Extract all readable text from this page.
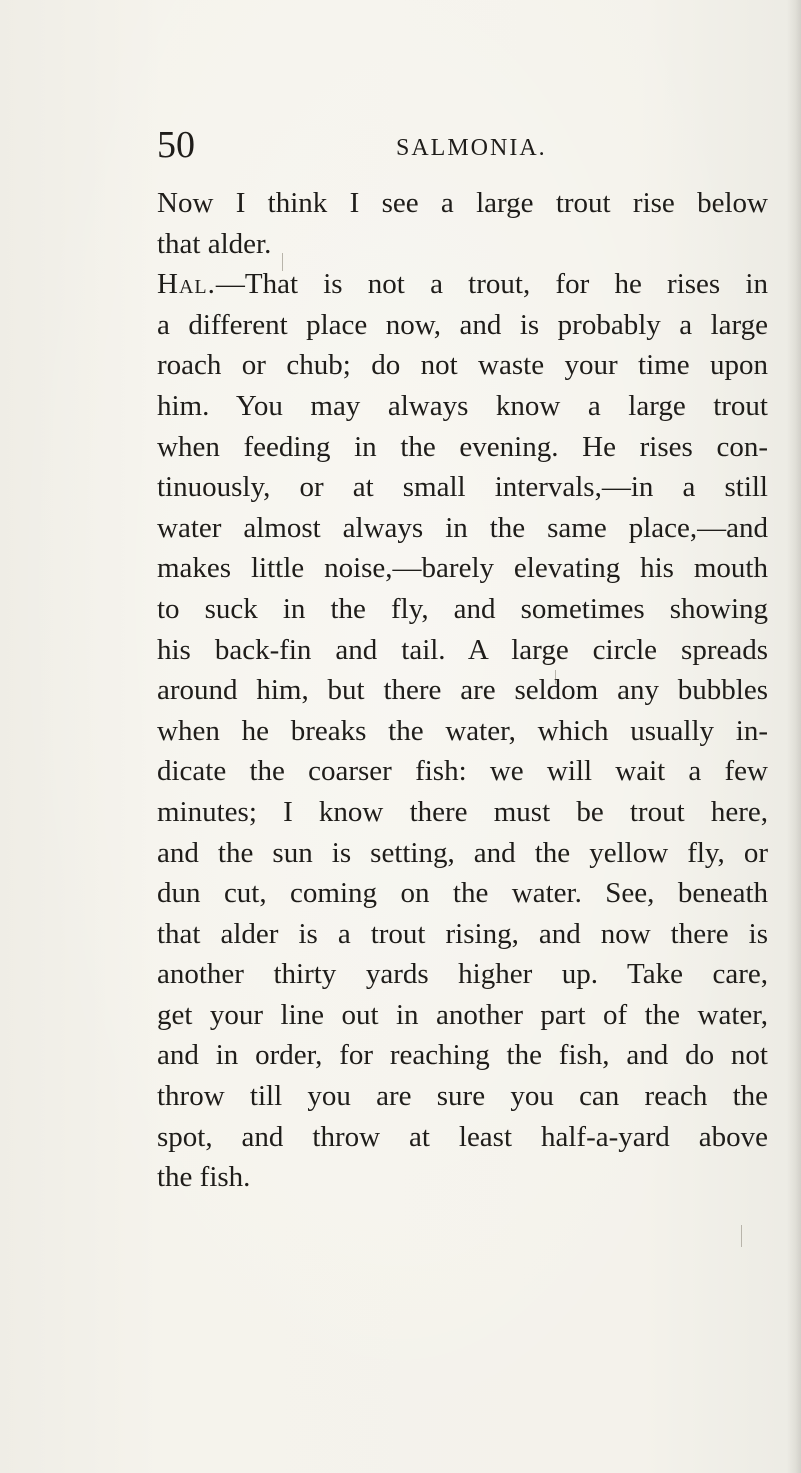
50	SALMONIA.
Now I think I see a large trout rise below
that alder.
Hal.—That is not a trout, for he rises in
a different place now, and is probably a large
roach or chub; do not waste your time upon
him. You may always know a large trout
when feeding in the evening. He rises con-
tinuously, or at small intervals,—in a still
water almost always in the same place,—and
makes little noise,—barely elevating his mouth
to suck in the fly, and sometimes showing
his back-fin and tail. A large circle spreads
around him, but there are seldom any bubbles
when he breaks the water, which usually in-
dicate the coarser fish: we will wait a few
minutes; I know there must be trout here,
and the sun is setting, and the yellow fly, or
dun cut, coming on the water. See, beneath
that alder is a trout rising, and now there is
another thirty yards higher up. Take care,
get your line out in another part of the water,
and in order, for reaching the fish, and do not
throw till you are sure you can reach the
spot, and throw at least half-a-yard above
the fish.
